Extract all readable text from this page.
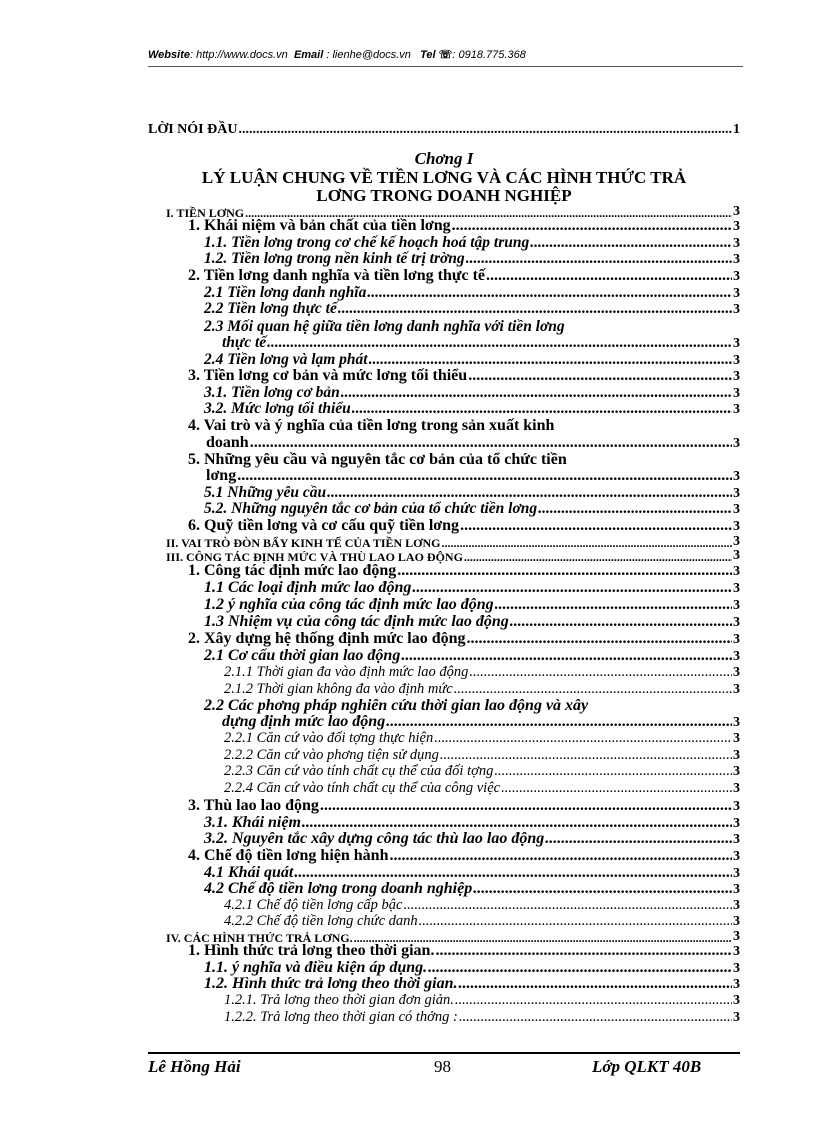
Website: http://www.docs.vn Email : lienhe@docs.vn Tel ☏: 0918.775.368
LỜI NÓI ĐẦU .....	1
Chơng I
LÝ LUẬN CHUNG VỀ TIỀN LƠNG VÀ CÁC HÌNH THỨC TRẢ
LƠNG TRONG DOANH NGHIỆP
I. TIỀN LƠNG .....	3
1. Khái niệm và bản chất của tiền lơng .....	3
1.1. Tiền lơng trong cơ chế kế hoạch hoá tập trung .....	3
1.2. Tiền lơng trong nền kinh tế trị trờng .....	3
2. Tiền lơng danh nghĩa và tiền lơng thực tế .....	3
2.1 Tiền lơng danh nghĩa .....	3
2.2 Tiền lơng thực tế .....	3
2.3 Mối quan hệ giữa tiền lơng danh nghĩa với tiền lơng
thực tế .....	3
2.4 Tiền lơng và lạm phát .....	3
3. Tiền lơng cơ bản và mức lơng tối thiểu .....	3
3.1. Tiền lơng cơ bản .....	3
3.2. Mức lơng tối thiểu .....	3
4. Vai trò và ý nghĩa của tiền lơng trong sản xuất kinh
doanh .....	3
5. Những yêu cầu và nguyên tắc cơ bản của tổ chức tiền
lơng .....	3
5.1 Những yêu cầu .....	3
5.2. Những nguyên tắc cơ bản của tổ chức tiền lơng .....	3
6. Quỹ tiền lơng và cơ cấu quỹ tiền lơng .....	3
II. VAI TRÒ ĐÒN BẨY KINH TẾ CỦA TIỀN LƠNG .....	3
III. CÔNG TÁC ĐỊNH MỨC VÀ THÙ LAO LAO ĐỘNG .....	3
1. Công tác định mức lao động .....	3
1.1 Các loại định mức lao động .....	3
1.2 ý nghĩa của công tác định mức lao động .....	3
1.3 Nhiệm vụ của công tác định mức lao động .....	3
2. Xây dựng hệ thống định mức lao động .....	3
2.1 Cơ cấu thời gian lao động .....	3
2.1.1 Thời gian đa vào định mức lao động .....	3
2.1.2 Thời gian không đa vào định mức .....	3
2.2 Các phơng pháp nghiên cứu thời gian lao động và xây
dựng định mức lao động .....	3
2.2.1 Căn cứ vào đối tợng thực hiện .....	3
2.2.2 Căn cứ vào phơng tiện sử dụng .....	3
2.2.3 Căn cứ vào tính chất cụ thể của đối tợng .....	3
2.2.4 Căn cứ vào tính chất cụ thể của công việc .....	3
3. Thù lao lao động .....	3
3.1. Khái niệm .....	3
3.2. Nguyên tắc xây dựng công tác thù lao lao động .....	3
4. Chế độ tiền lơng hiện hành .....	3
4.1 Khái quát .....	3
4.2 Chế độ tiền lơng trong doanh nghiệp .....	3
4.2.1 Chế độ tiền lơng cấp bậc .....	3
4.2.2 Chế độ tiền lơng chức danh .....	3
IV. CÁC HÌNH THỨC TRẢ LƠNG. .....	3
1. Hình thức trả lơng theo thời gian. .....	3
1.1. ý nghĩa và điều kiện áp dụng. .....	3
1.2. Hình thức trả lơng theo thời gian. .....	3
1.2.1. Trả lơng theo thời gian đơn giản. .....	3
1.2.2. Trả lơng theo thời gian có thởng : .....	3
Lê Hồng Hải	98	Lớp QLKT 40B
